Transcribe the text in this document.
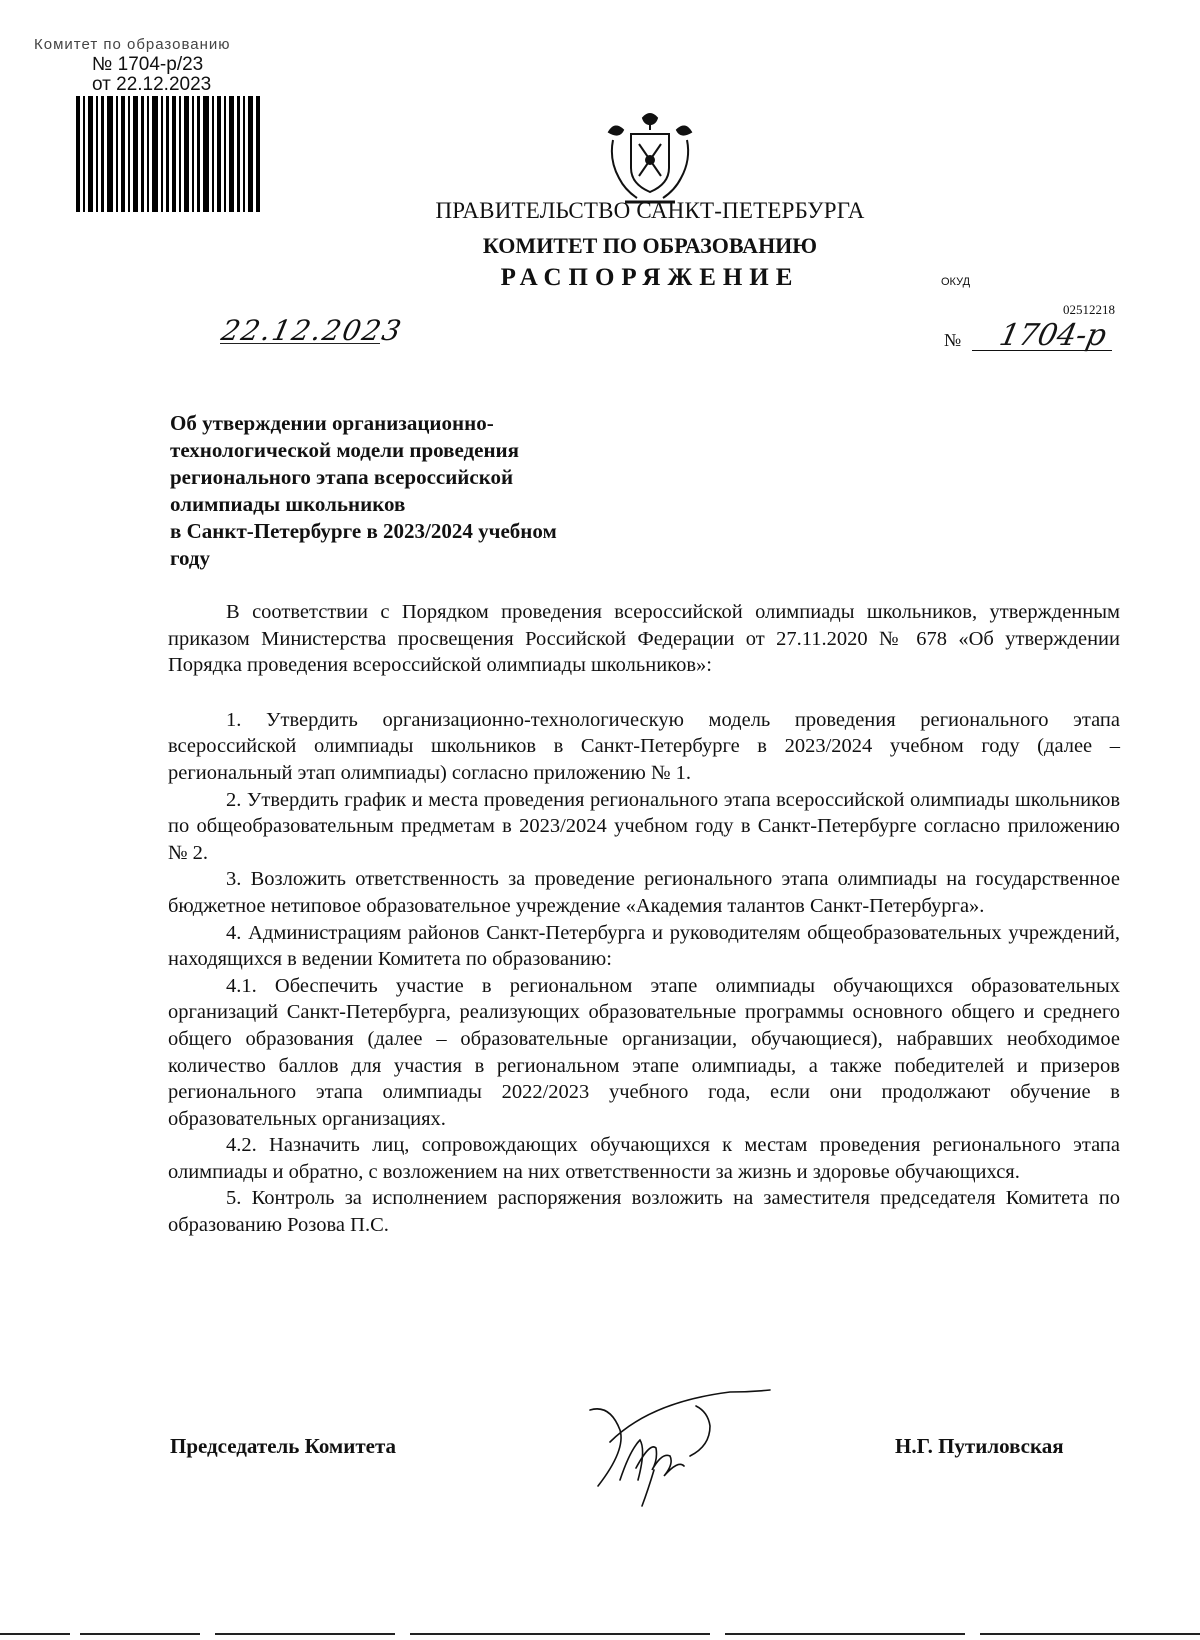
Комитет по образованию
№ 1704-р/23
от 22.12.2023
ПРАВИТЕЛЬСТВО САНКТ-ПЕТЕРБУРГА
КОМИТЕТ ПО ОБРАЗОВАНИЮ
РАСПОРЯЖЕНИЕ	ОКУД
02512218
№ 1704-р
22.12.2023
Об утверждении организационно-
технологической модели проведения
регионального этапа всероссийской
олимпиады школьников
в Санкт-Петербурге в 2023/2024 учебном
году

В соответствии с Порядком проведения всероссийской олимпиады школьников, утвержденным приказом Министерства просвещения Российской Федерации от 27.11.2020 № 678 «Об утверждении Порядка проведения всероссийской олимпиады школьников»:

1. Утвердить организационно-технологическую модель проведения регионального этапа всероссийской олимпиады школьников в Санкт-Петербурге в 2023/2024 учебном году (далее – региональный этап олимпиады) согласно приложению № 1.

2. Утвердить график и места проведения регионального этапа всероссийской олимпиады школьников по общеобразовательным предметам в 2023/2024 учебном году в Санкт-Петербурге согласно приложению № 2.

3. Возложить ответственность за проведение регионального этапа олимпиады на государственное бюджетное нетиповое образовательное учреждение «Академия талантов Санкт-Петербурга».

4. Администрациям районов Санкт-Петербурга и руководителям общеобразовательных учреждений, находящихся в ведении Комитета по образованию:

4.1. Обеспечить участие в региональном этапе олимпиады обучающихся образовательных организаций Санкт-Петербурга, реализующих образовательные программы основного общего и среднего общего образования (далее – образовательные организации, обучающиеся), набравших необходимое количество баллов для участия в региональном этапе олимпиады, а также победителей и призеров регионального этапа олимпиады 2022/2023 учебного года, если они продолжают обучение в образовательных организациях.

4.2. Назначить лиц, сопровождающих обучающихся к местам проведения регионального этапа олимпиады и обратно, с возложением на них ответственности за жизнь и здоровье обучающихся.

5. Контроль за исполнением распоряжения возложить на заместителя председателя Комитета по образованию Розова П.С.

Председатель Комитета	Н.Г. Путиловская
